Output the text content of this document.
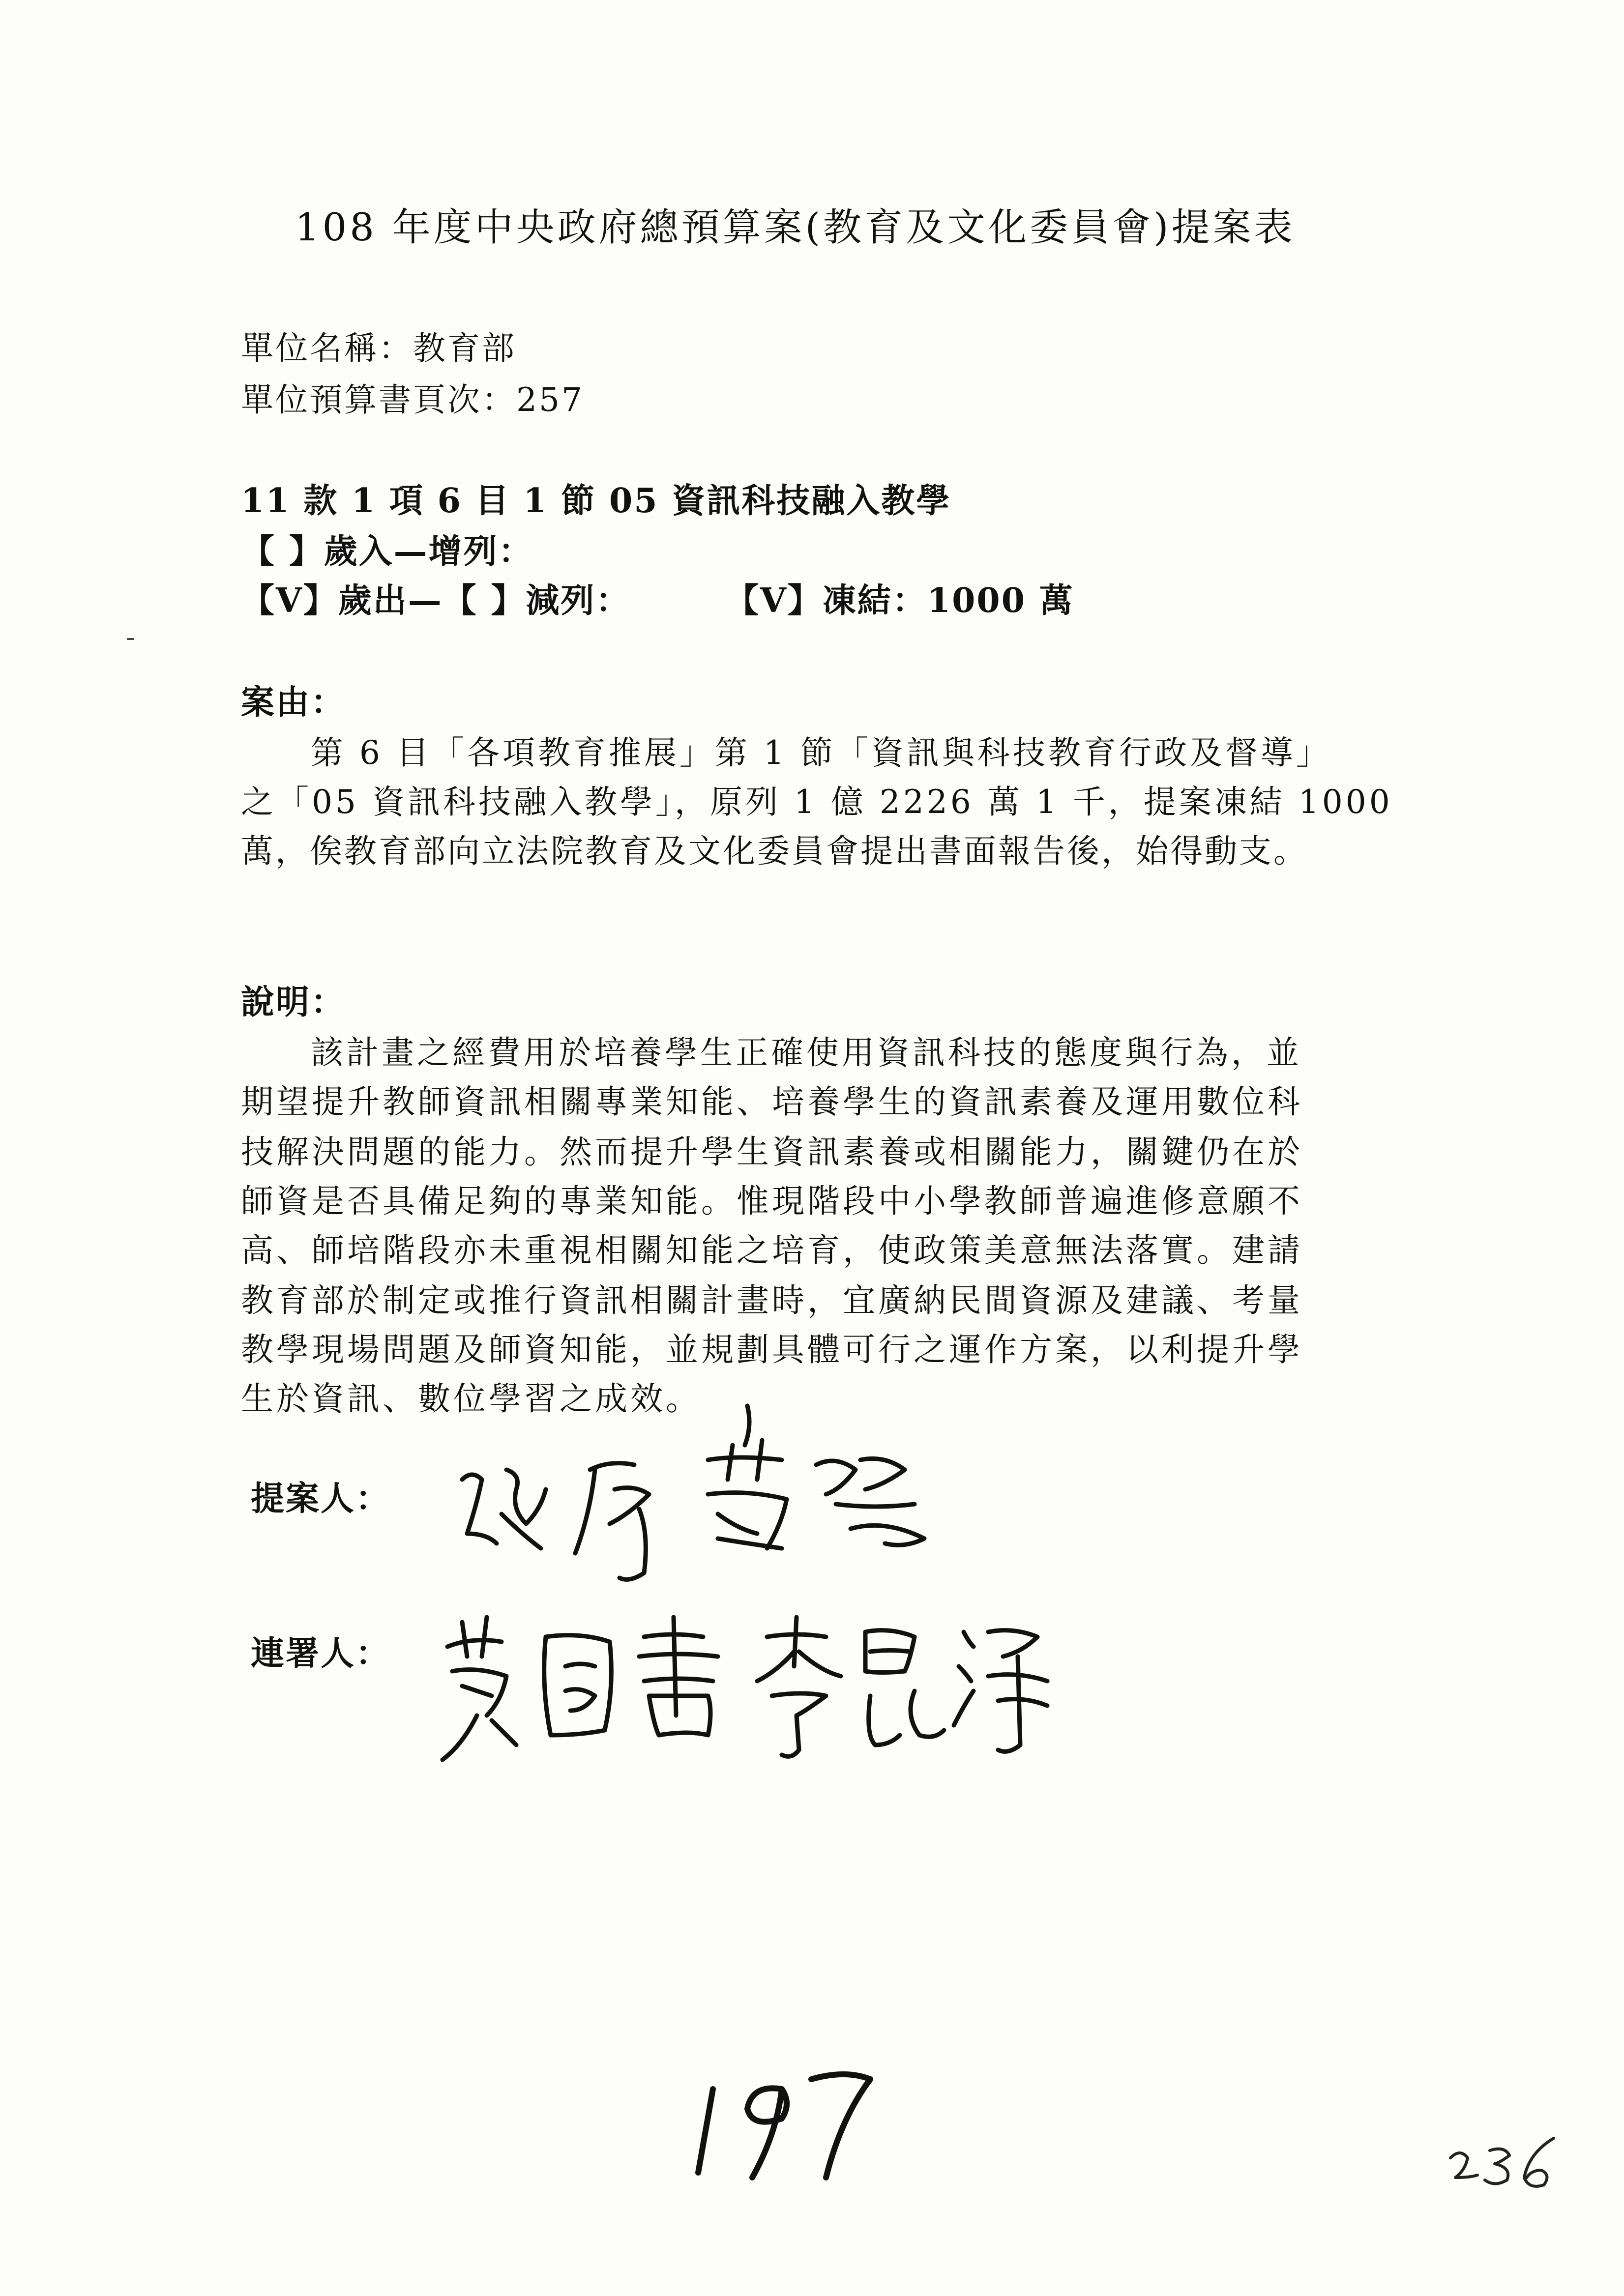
108 年度中央政府總預算案(教育及文化委員會)提案表
單位名稱：教育部
單位預算書頁次：257
11 款 1 項 6 目 1 節 05 資訊科技融入教學
【 】歲入—增列：
【V】歲出—【 】減列：	【V】凍結：1000 萬
案由：
第 6 目「各項教育推展」第 1 節「資訊與科技教育行政及督導」
之「05 資訊科技融入教學」，原列 1 億 2226 萬 1 千，提案凍結 1000
萬，俟教育部向立法院教育及文化委員會提出書面報告後，始得動支。
說明：
該計畫之經費用於培養學生正確使用資訊科技的態度與行為，並
期望提升教師資訊相關專業知能、培養學生的資訊素養及運用數位科
技解決問題的能力。然而提升學生資訊素養或相關能力，關鍵仍在於
師資是否具備足夠的專業知能。惟現階段中小學教師普遍進修意願不
高、師培階段亦未重視相關知能之培育，使政策美意無法落實。建請
教育部於制定或推行資訊相關計畫時，宜廣納民間資源及建議、考量
教學現場問題及師資知能，並規劃具體可行之運作方案，以利提升學
生於資訊、數位學習之成效。
提案人：
連署人：
